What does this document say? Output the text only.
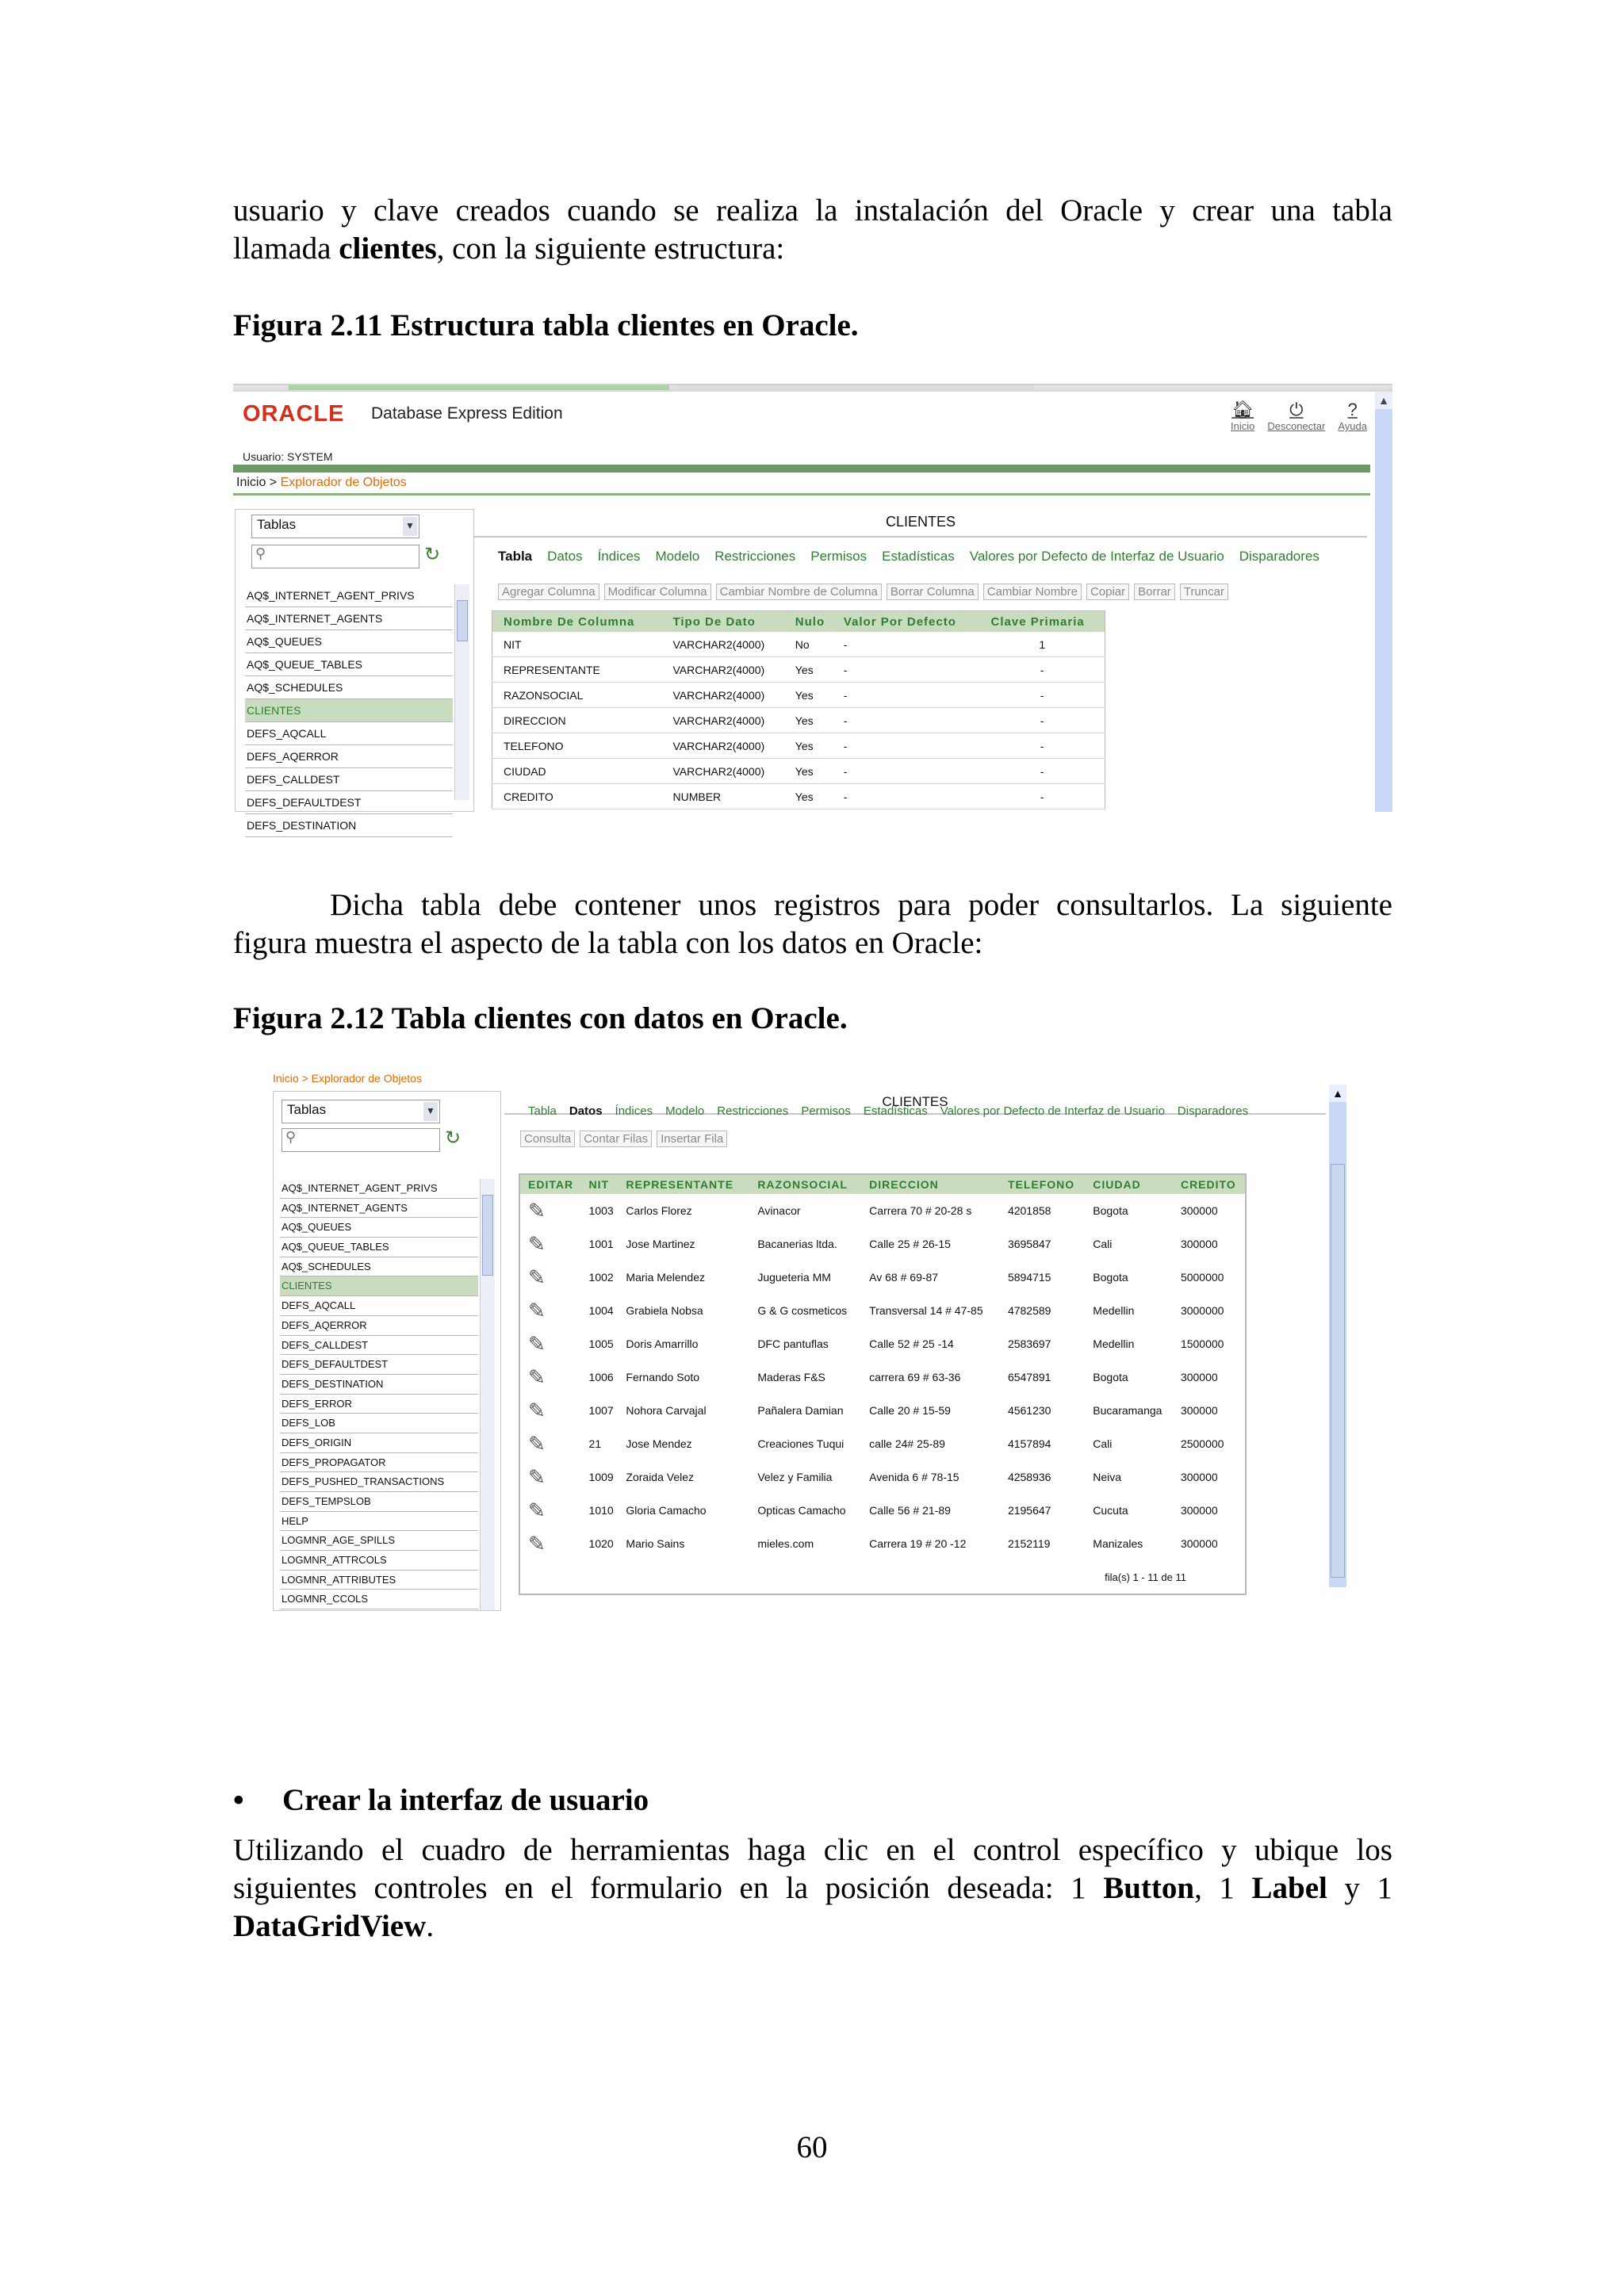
usuario y clave creados cuando se realiza la instalación del Oracle y crear una tabla

llamada clientes, con la siguiente estructura:

Figura 2.11 Estructura tabla clientes en Oracle.

ORACLE Database Express Edition
Usuario: SYSTEM
🏠︎
Inicio
⏻
Desconectar
?
Ayuda
Inicio > Explorador de Objetos
▲
Tablas	▼
⚲	↻
AQ$_INTERNET_AGENT_PRIVS
AQ$_INTERNET_AGENTS
AQ$_QUEUES
AQ$_QUEUE_TABLES
AQ$_SCHEDULES
CLIENTES
DEFS_AQCALL
DEFS_AQERROR
DEFS_CALLDEST
DEFS_DEFAULTDEST
DEFS_DESTINATION
CLIENTES
Tabla Datos Índices Modelo Restricciones Permisos Estadísticas Valores por Defecto de Interfaz de Usuario Disparadores
Agregar Columna	Modificar Columna	Cambiar Nombre de Columna	Borrar Columna	Cambiar Nombre	Copiar	Borrar	Truncar
Nombre De Columna	Tipo De Dato	Nulo	Valor Por Defecto	Clave Primaria
NIT	VARCHAR2(4000)	No	-	1
REPRESENTANTE	VARCHAR2(4000)	Yes	-	-
RAZONSOCIAL	VARCHAR2(4000)	Yes	-	-
DIRECCION	VARCHAR2(4000)	Yes	-	-
TELEFONO	VARCHAR2(4000)	Yes	-	-
CIUDAD	VARCHAR2(4000)	Yes	-	-
CREDITO	NUMBER	Yes	-	-

Dicha tabla debe contener unos registros para poder consultarlos. La siguiente

figura muestra el aspecto de la tabla con los datos en Oracle:

Figura 2.12 Tabla clientes con datos en Oracle.

Inicio > Explorador de Objetos
▲
Tablas	▼
⚲	↻
AQ$_INTERNET_AGENT_PRIVS
AQ$_INTERNET_AGENTS
AQ$_QUEUES
AQ$_QUEUE_TABLES
AQ$_SCHEDULES
CLIENTES
DEFS_AQCALL
DEFS_AQERROR
DEFS_CALLDEST
DEFS_DEFAULTDEST
DEFS_DESTINATION
DEFS_ERROR
DEFS_LOB
DEFS_ORIGIN
DEFS_PROPAGATOR
DEFS_PUSHED_TRANSACTIONS
DEFS_TEMPSLOB
HELP
LOGMNR_AGE_SPILLS
LOGMNR_ATTRCOLS
LOGMNR_ATTRIBUTES
LOGMNR_CCOLS
CLIENTES
Tabla Datos Índices Modelo Restricciones Permisos Estadísticas Valores por Defecto de Interfaz de Usuario Disparadores
Consulta	Contar Filas	Insertar Fila
EDITAR	NIT	REPRESENTANTE	RAZONSOCIAL	DIRECCION	TELEFONO	CIUDAD	CREDITO
✎	1003	Carlos Florez	Avinacor	Carrera 70 # 20-28 s	4201858	Bogota	300000
✎	1001	Jose Martinez	Bacanerias ltda.	Calle 25 # 26-15	3695847	Cali	300000
✎	1002	Maria Melendez	Jugueteria MM	Av 68 # 69-87	5894715	Bogota	5000000
✎	1004	Grabiela Nobsa	G & G cosmeticos	Transversal 14 # 47-85	4782589	Medellin	3000000
✎	1005	Doris Amarrillo	DFC pantuflas	Calle 52 # 25 -14	2583697	Medellin	1500000
✎	1006	Fernando Soto	Maderas F&S	carrera 69 # 63-36	6547891	Bogota	300000
✎	1007	Nohora Carvajal	Pañalera Damian	Calle 20 # 15-59	4561230	Bucaramanga	300000
✎	21	Jose Mendez	Creaciones Tuqui	calle 24# 25-89	4157894	Cali	2500000
✎	1009	Zoraida Velez	Velez y Familia	Avenida 6 # 78-15	4258936	Neiva	300000
✎	1010	Gloria Camacho	Opticas Camacho	Calle 56 # 21-89	2195647	Cucuta	300000
✎	1020	Mario Sains	mieles.com	Carrera 19 # 20 -12	2152119	Manizales	300000
fila(s) 1 - 11 de 11							

• Crear la interfaz de usuario

Utilizando el cuadro de herramientas haga clic en el control específico y ubique los

siguientes controles en el formulario en la posición deseada: 1 Button, 1 Label y 1

DataGridView.

60
